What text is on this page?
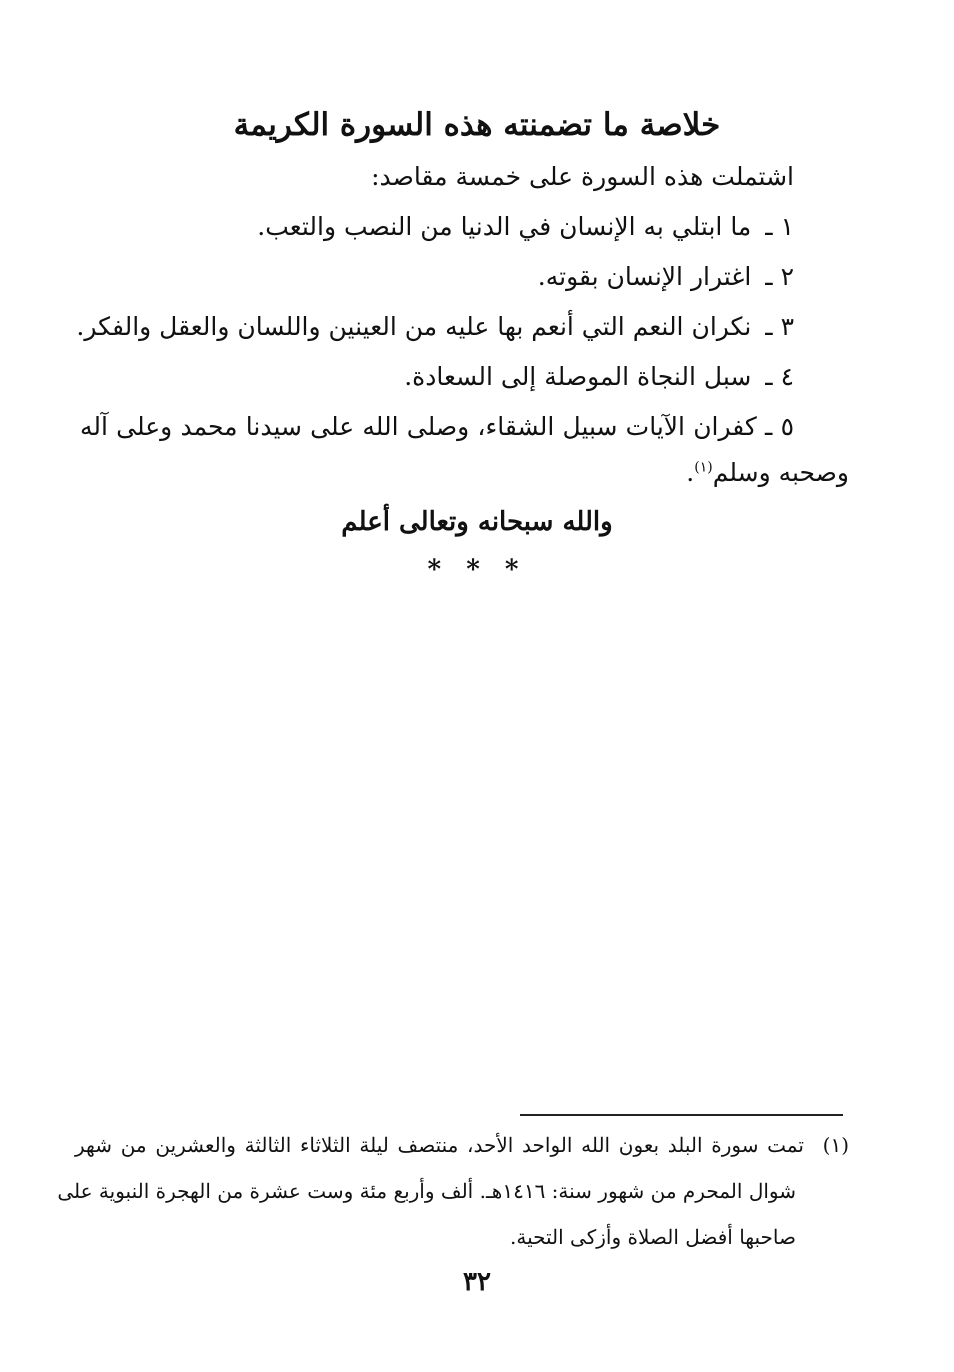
خلاصة ما تضمنته هذه السورة الكريمة
اشتملت هذه السورة على خمسة مقاصد:
١ ـ ما ابتلي به الإنسان في الدنيا من النصب والتعب.
٢ ـ اغترار الإنسان بقوته.
٣ ـ نكران النعم التي أنعم بها عليه من العينين واللسان والعقل والفكر.
٤ ـ سبل النجاة الموصلة إلى السعادة.
٥ ـ كفران الآيات سبيل الشقاء، وصلى الله على سيدنا محمد وعلى آله
وصحبه وسلم$^{(١)}$.
والله سبحانه وتعالى أعلم
* * *
(١) تمت سورة البلد بعون الله الواحد الأحد، منتصف ليلة الثلاثاء الثالثة والعشرين من شهر
شوال المحرم من شهور سنة: ١٤١٦هـ. ألف وأربع مئة وست عشرة من الهجرة النبوية على
صاحبها أفضل الصلاة وأزكى التحية.
٣٢
